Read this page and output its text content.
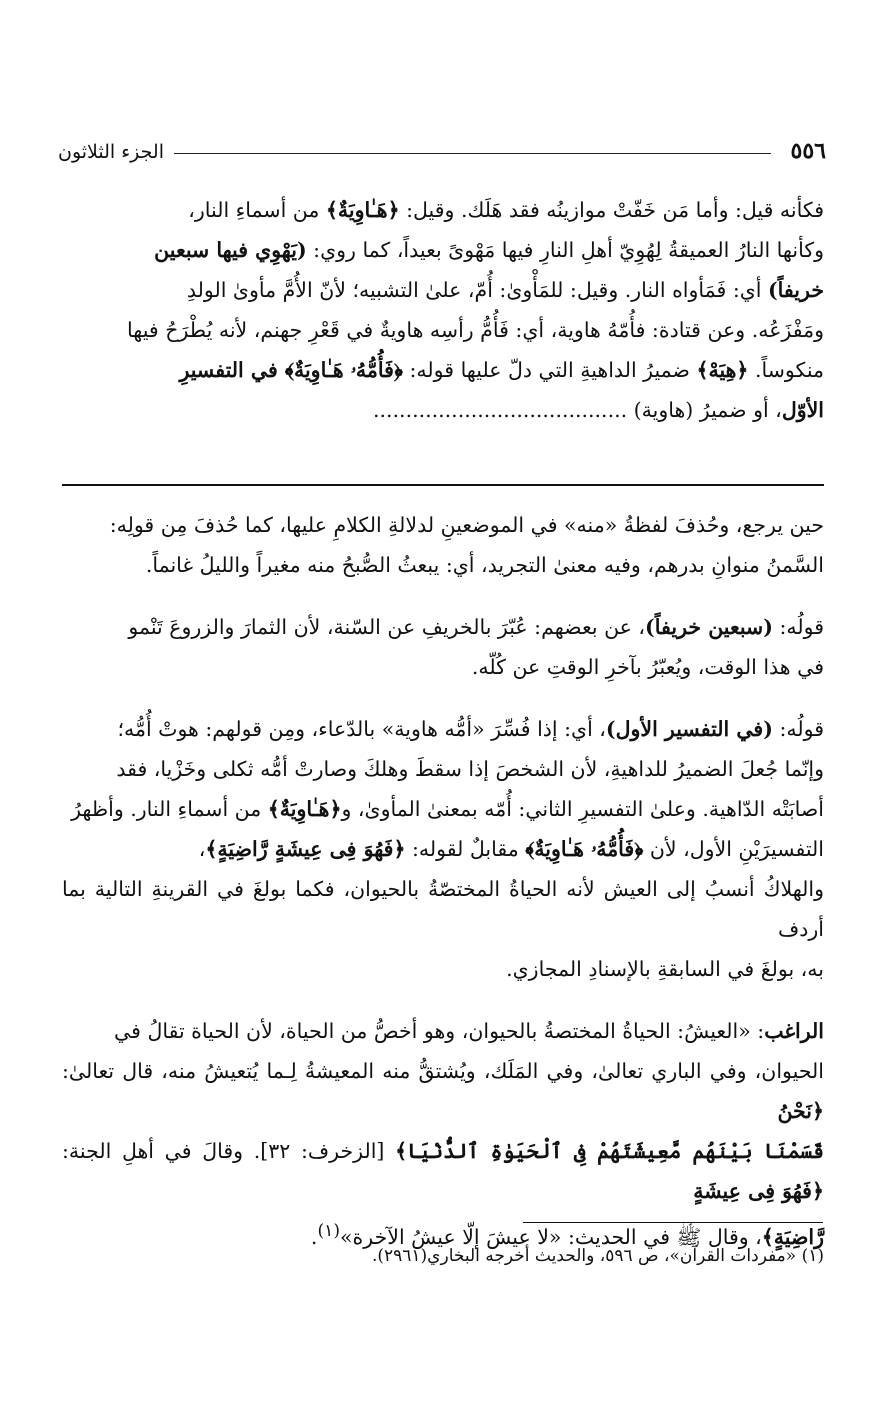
٥٥٦
الجزء الثلاثون

فكأنه قيل: وأما مَن خَفّتْ موازينُه فقد هَلَك. وقيل: ﴿هَـٰاوِيَةٌ﴾ من أسماءِ النار،

وكأنها النارُ العميقةُ لِهُوِيّ أهلِ النارِ فيها مَهْوىً بعيداً، كما روي: (يَهْوِي فيها سبعين

خريفاً) أي: فَمَأواه النار. وقيل: للمَأْوىٰ: أُمّ، علىٰ التشبيه؛ لأنّ الأُمَّ مأوىٰ الولدِ

ومَفْزَعُه. وعن قتادة: فأُمّهُ هاوية، أي: فَأُمُّ رأسِه هاويةٌ في قَعْرِ جهنم، لأنه يُطْرَحُ فيها

منكوساً. ﴿هِيَهْ﴾ ضميرُ الداهيةِ التي دلّ عليها قوله: ﴿فَأُمُّهُۥ هَـٰاوِيَةٌ﴾ في التفسيرِ

الأوّل، أو ضميرُ (هاوية) .......................................

حين يرجع، وحُذفَ لفظةُ «منه» في الموضعينِ لدلالةِ الكلامِ عليها، كما حُذفَ مِن قولِه:

السَّمنُ منوانِ بدرهم، وفيه معنىٰ التجريد، أي: يبعثُ الصُّبحُ منه مغيراً والليلُ غانماً.

قولُه: (سبعين خريفاً)، عن بعضهم: عُبّرَ بالخريفِ عن السّنة، لأن الثمارَ والزروعَ تَنْمو

في هذا الوقت، ويُعبّرُ بآخرِ الوقتِ عن كُلّه.

قولُه: (في التفسير الأول)، أي: إذا فُسِّرَ «أمُّه هاوية» بالدّعاء، ومِن قولهم: هوتْ أُمُّه؛

وإنّما جُعلَ الضميرُ للداهيةِ، لأن الشخصَ إذا سقطَ وهلكَ وصارتْ أمُّه ثكلى وخَزْيا، فقد

أصابَتْه الدّاهية. وعلىٰ التفسيرِ الثاني: أُمّه بمعنىٰ المأوىٰ، و﴿هَـٰاوِيَةٌ﴾ من أسماءِ النار. وأظهرُ

التفسيرَيْنِ الأول، لأن ﴿فَأُمُّهُۥ هَـٰاوِيَةٌ﴾ مقابلٌ لقوله: ﴿فَهُوَ فِى عِيشَةٍ رَّاضِيَةٍ﴾،

والهلاكُ أنسبُ إلى العيش لأنه الحياةُ المختصّةُ بالحيوان، فكما بولغَ في القرينةِ التالية بما أردف

به، بولغَ في السابقةِ بالإسنادِ المجازي.

الراغب: «العيشُ: الحياةُ المختصةُ بالحيوان، وهو أخصُّ من الحياة، لأن الحياة تقالُ في

الحيوان، وفي الباري تعالىٰ، وفي المَلَك، ويُشتقُّ منه المعيشةُ لِـما يُتعيشُ منه، قال تعالىٰ: ﴿نَحْنُ

قَسَمْنَا بَيْنَهُم مَّعِيشَتَهُمْ فِى ٱلْحَيَوٰةِ ٱلدُّنْيَا﴾ [الزخرف: ٣٢]. وقالَ في أهلِ الجنة: ﴿فَهُوَ فِى عِيشَةٍ

رَّاضِيَةٍ﴾، وقال ﷺ في الحديث: «لا عيشَ إلّا عيشُ الآخرة»$^{(١)}$.

(١) «مفردات القرآن»، ص ٥٩٦، والحديث أخرجه البخاري(٢٩٦١).
